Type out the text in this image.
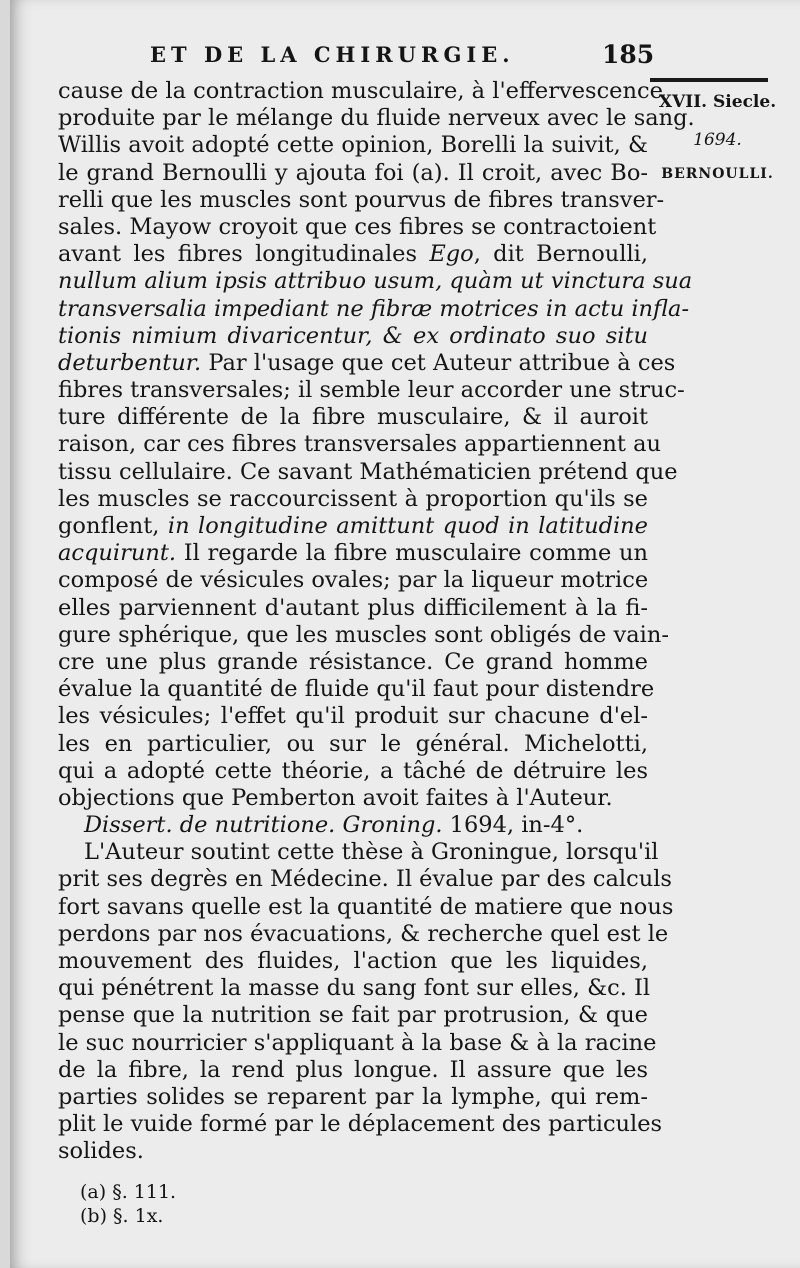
ET DE LA CHIRURGIE.	185
XVII. Siecle.
1694.
BERNOULLI.
cause de la contraction musculaire, à l'effervescence
produite par le mélange du fluide nerveux avec le sang.
Willis avoit adopté cette opinion, Borelli la suivit, &
le grand Bernoulli y ajouta foi (a). Il croit, avec Bo-
relli que les muscles sont pourvus de fibres transver-
sales. Mayow croyoit que ces fibres se contractoient
avant les fibres longitudinales Ego, dit Bernoulli,
nullum alium ipsis attribuo usum, quàm ut vinctura sua
transversalia impediant ne fibræ motrices in actu infla-
tionis nimium divaricentur, & ex ordinato suo situ
deturbentur. Par l'usage que cet Auteur attribue à ces
fibres transversales; il semble leur accorder une struc-
ture différente de la fibre musculaire, & il auroit
raison, car ces fibres transversales appartiennent au
tissu cellulaire. Ce savant Mathématicien prétend que
les muscles se raccourcissent à proportion qu'ils se
gonflent, in longitudine amittunt quod in latitudine
acquirunt. Il regarde la fibre musculaire comme un
composé de vésicules ovales; par la liqueur motrice
elles parviennent d'autant plus difficilement à la fi-
gure sphérique, que les muscles sont obligés de vain-
cre une plus grande résistance. Ce grand homme
évalue la quantité de fluide qu'il faut pour distendre
les vésicules; l'effet qu'il produit sur chacune d'el-
les en particulier, ou sur le général. Michelotti,
qui a adopté cette théorie, a tâché de détruire les
objections que Pemberton avoit faites à l'Auteur.
Dissert. de nutritione. Groning. 1694, in-4°.
L'Auteur soutint cette thèse à Groningue, lorsqu'il
prit ses degrès en Médecine. Il évalue par des calculs
fort savans quelle est la quantité de matiere que nous
perdons par nos évacuations, & recherche quel est le
mouvement des fluides, l'action que les liquides,
qui pénétrent la masse du sang font sur elles, &c. Il
pense que la nutrition se fait par protrusion, & que
le suc nourricier s'appliquant à la base & à la racine
de la fibre, la rend plus longue. Il assure que les
parties solides se reparent par la lymphe, qui rem-
plit le vuide formé par le déplacement des particules
solides.
(a) §. 111.
(b) §. 1x.
